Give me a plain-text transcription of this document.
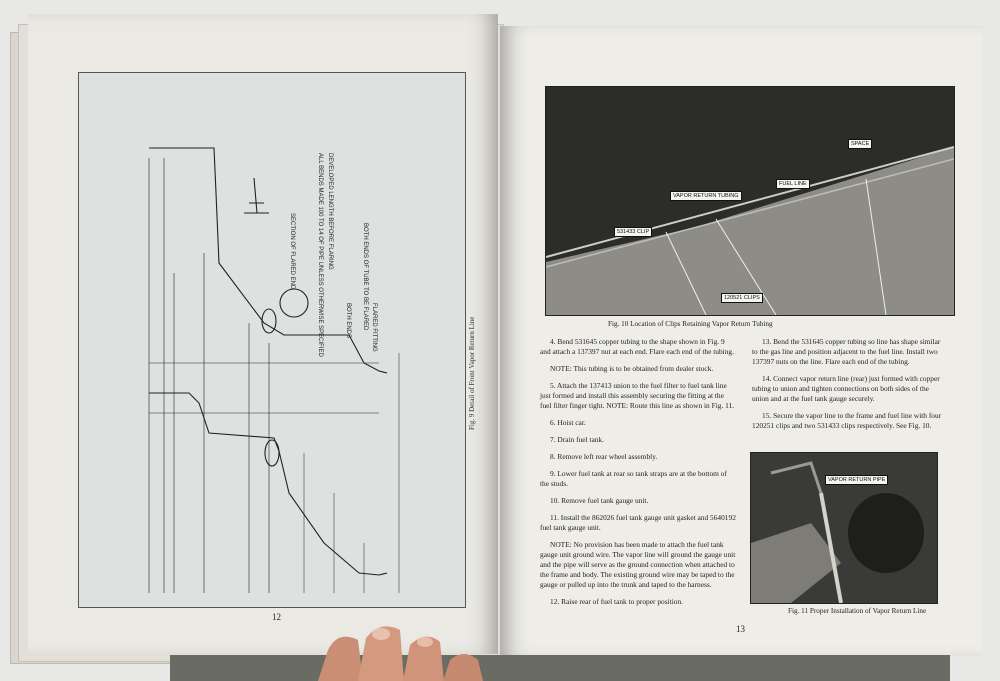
SECTION OF FLARED END	ALL BENDS MADE 100 TO 14 OF PIPE UNLESS OTHERWISE SPECIFIED DEVELOPED LENGTH BEFORE FLARING
BOTH ENDS OF TUBE TO BE FLARED
BOTH ENDS	FLARED FITTING	Fig. 9 Detail of Front Vapor Return Line
12
VAPOR RETURN TUBING
FUEL LINE
531433 CLIP
120521 CLIPS
SPACE
Fig. 10 Location of Clips Retaining Vapor Return Tubing

4. Bend 531645 copper tubing to the shape shown in Fig. 9 and attach a 137397 nut at each end. Flare each end of the tubing.

NOTE: This tubing is to be obtained from dealer stock.

5. Attach the 137413 union to the fuel filter to fuel tank line just formed and install this assembly securing the fitting at the fuel filter finger tight. NOTE: Route this line as shown in Fig. 11.

6. Hoist car.

7. Drain fuel tank.

8. Remove left rear wheel assembly.

9. Lower fuel tank at rear so tank straps are at the bottom of the studs.

10. Remove fuel tank gauge unit.

11. Install the 862026 fuel tank gauge unit gasket and 5640192 fuel tank gauge unit.

NOTE: No provision has been made to attach the fuel tank gauge unit ground wire. The vapor line will ground the gauge unit and the pipe will serve as the ground connection when attached to the frame and body. The existing ground wire may be taped to the gauge or pulled up into the trunk and taped to the harness.

12. Raise rear of fuel tank to proper position.

13. Bend the 531645 copper tubing so line has shape similar to the gas line and position adjacent to the fuel line. Install two 137397 nuts on the line. Flare each end of the tubing.

14. Connect vapor return line (rear) just formed with copper tubing to union and tighten connections on both sides of the union and at the fuel tank gauge securely.

15. Secure the vapor line to the frame and fuel line with four 120251 clips and two 531433 clips respectively. See Fig. 10.

VAPOR RETURN PIPE
Fig. 11 Proper Installation of Vapor Return Line
13
